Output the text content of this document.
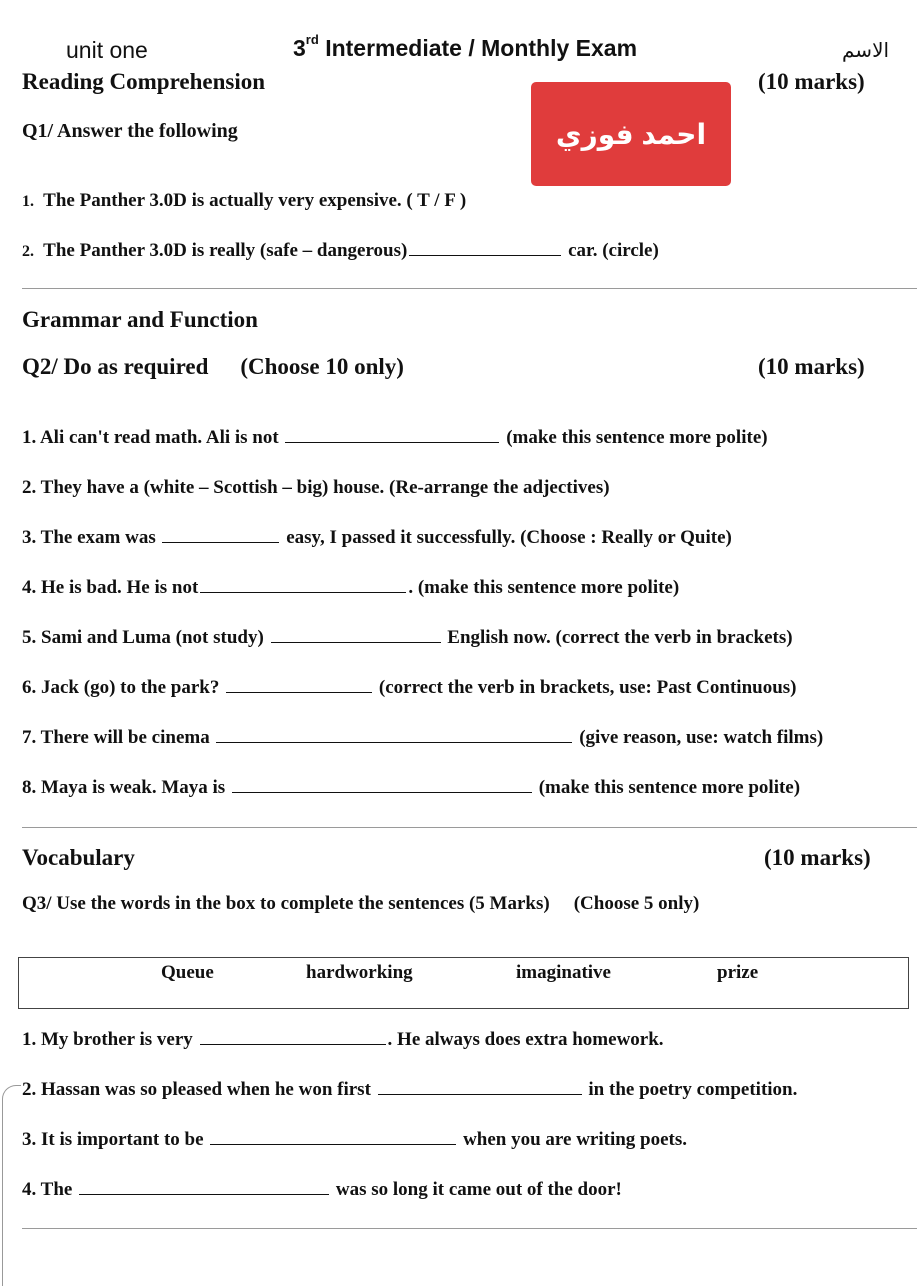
unit one	3rd Intermediate / Monthly Exam	الاسم
Reading Comprehension	(10 marks)
Q1/ Answer the following	احمد فوزي
1. The Panther 3.0D is actually very expensive. ( T / F )
2. The Panther 3.0D is really (safe – dangerous)	car. (circle)
Grammar and Function
Q2/ Do as required (Choose 10 only)	(10 marks)
1. Ali can't read math. Ali is not	(make this sentence more polite)
2. They have a (white – Scottish – big) house. (Re-arrange the adjectives)
3. The exam was	easy, I passed it successfully. (Choose : Really or Quite)
4. He is bad. He is not	. (make this sentence more polite)
5. Sami and Luma (not study)	English now. (correct the verb in brackets)
6. Jack (go) to the park?	(correct the verb in brackets, use: Past Continuous)
7. There will be cinema	(give reason, use: watch films)
8. Maya is weak. Maya is	(make this sentence more polite)
Vocabulary	(10 marks)
Q3/ Use the words in the box to complete the sentences (5 Marks) (Choose 5 only)
Queue	hardworking	imaginative	prize
1. My brother is very	. He always does extra homework.
2. Hassan was so pleased when he won first	in the poetry competition.
3. It is important to be	when you are writing poets.
4. The	was so long it came out of the door!
